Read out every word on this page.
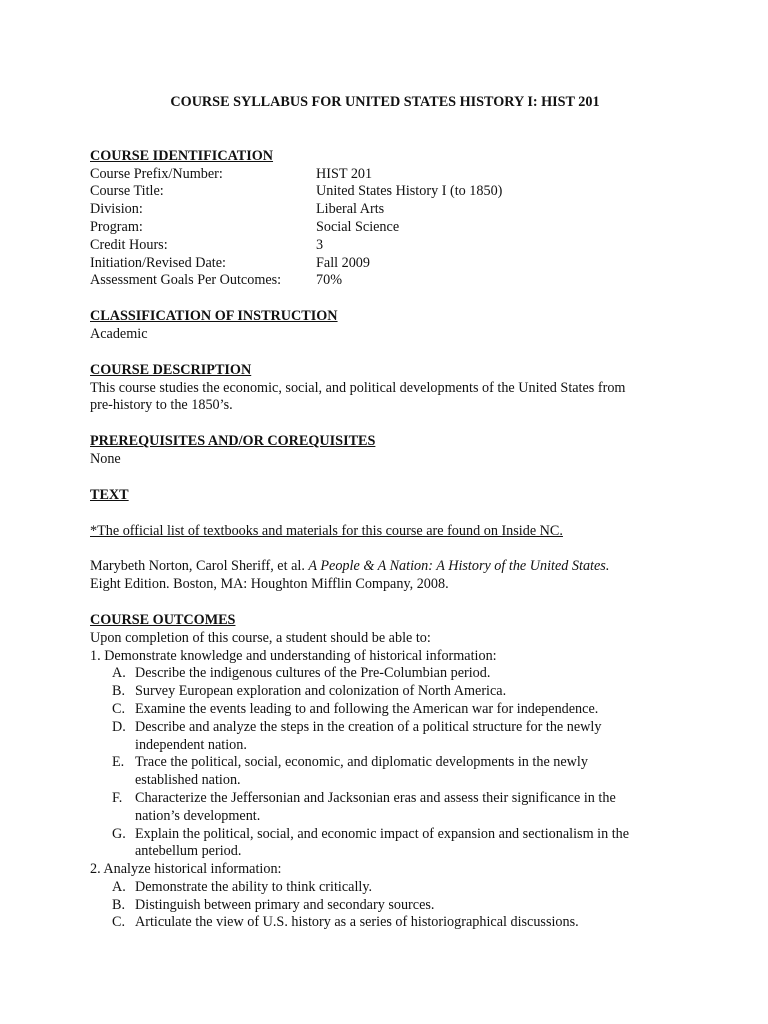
COURSE SYLLABUS FOR UNITED STATES HISTORY I: HIST 201

COURSE IDENTIFICATION

Course Prefix/Number:	HIST 201
Course Title:	United States History I (to 1850)
Division:	Liberal Arts
Program:	Social Science
Credit Hours:	3
Initiation/Revised Date:	Fall 2009
Assessment Goals Per Outcomes:	70%

CLASSIFICATION OF INSTRUCTION

Academic

COURSE DESCRIPTION

This course studies the economic, social, and political developments of the United States from

pre-history to the 1850’s.

PREREQUISITES AND/OR COREQUISITES

None

TEXT

*The official list of textbooks and materials for this course are found on Inside NC.

Marybeth Norton, Carol Sheriff, et al. A People & A Nation: A History of the United States.

Eight Edition. Boston, MA: Houghton Mifflin Company, 2008.

COURSE OUTCOMES

Upon completion of this course, a student should be able to:

1. Demonstrate knowledge and understanding of historical information:

A. Describe the indigenous cultures of the Pre-Columbian period.
B. Survey European exploration and colonization of North America.
C. Examine the events leading to and following the American war for independence.
D. Describe and analyze the steps in the creation of a political structure for the newly
independent nation.
E. Trace the political, social, economic, and diplomatic developments in the newly
established nation.
F. Characterize the Jeffersonian and Jacksonian eras and assess their significance in the
nation’s development.
G. Explain the political, social, and economic impact of expansion and sectionalism in the
antebellum period.

2. Analyze historical information:

A. Demonstrate the ability to think critically.
B. Distinguish between primary and secondary sources.
C. Articulate the view of U.S. history as a series of historiographical discussions.
